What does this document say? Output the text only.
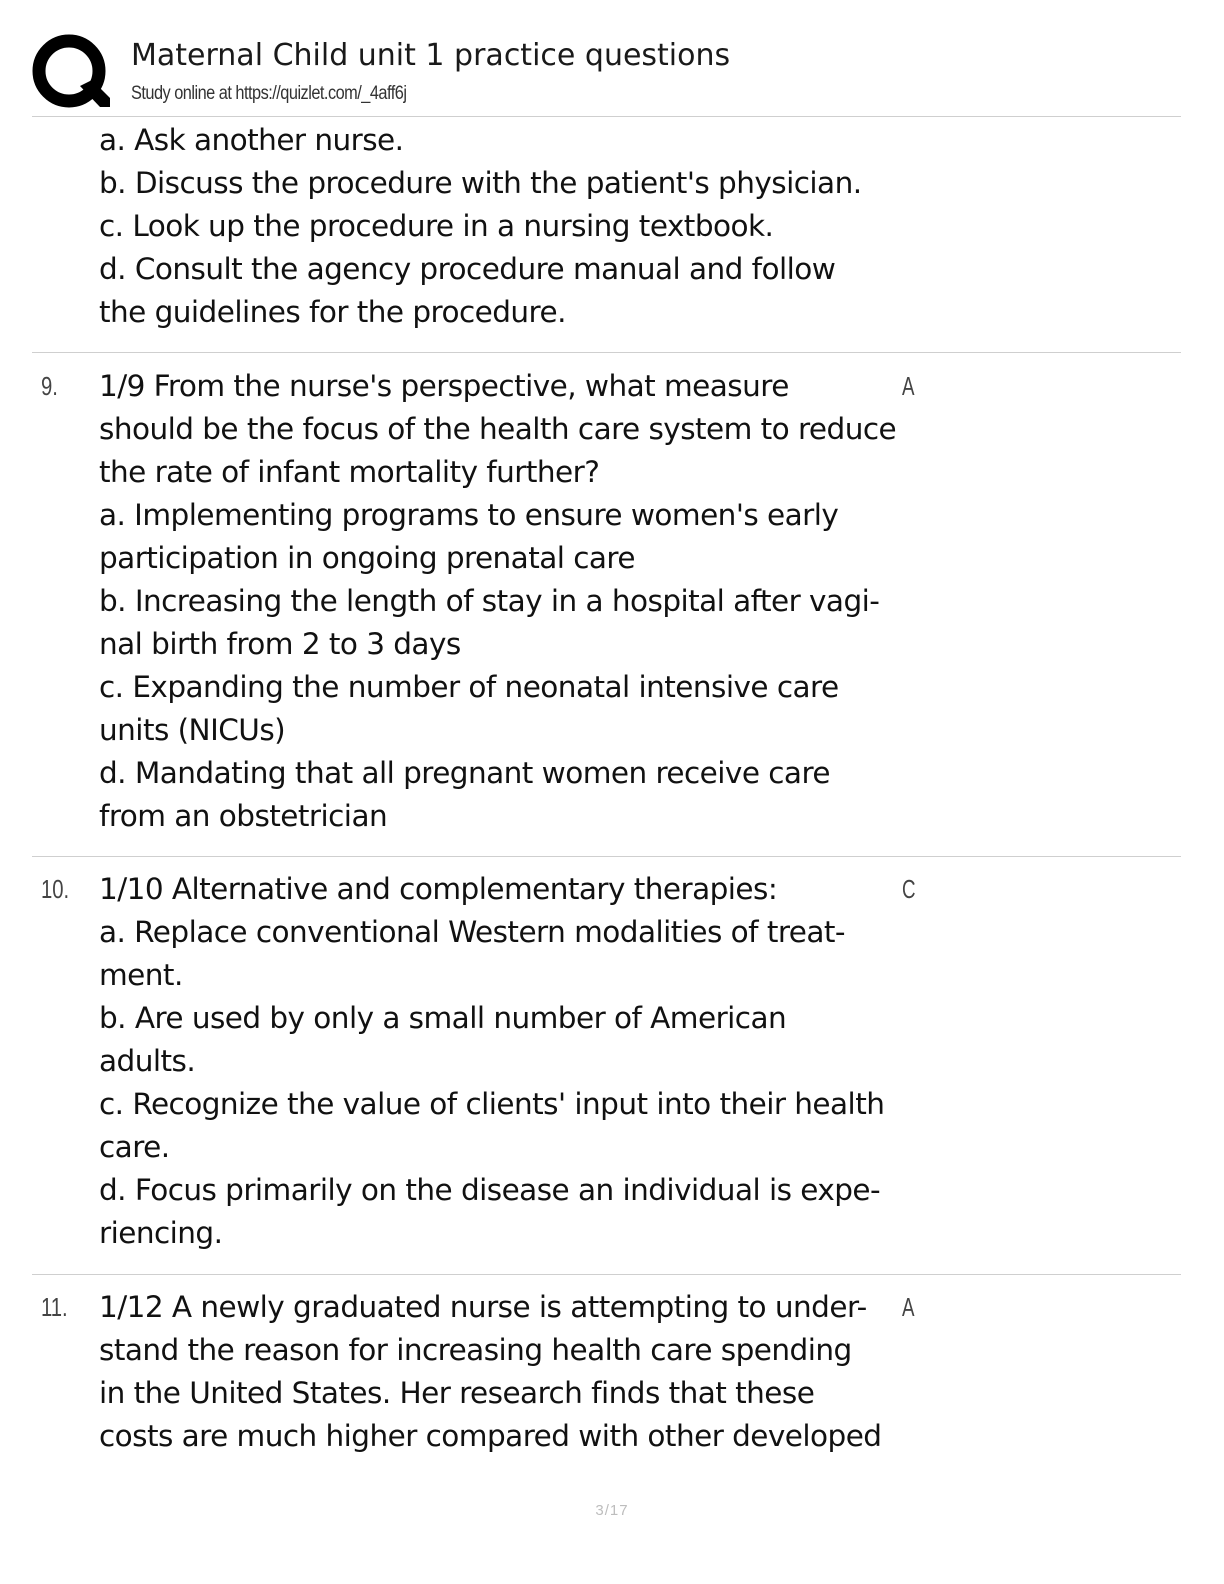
Maternal Child unit 1 practice questions
Study online at https://quizlet.com/_4aff6j
a. Ask another nurse.
b. Discuss the procedure with the patient's physician.
c. Look up the procedure in a nursing textbook.
d. Consult the agency procedure manual and follow
the guidelines for the procedure.
9. 1/9 From the nurse's perspective, what measure
should be the focus of the health care system to reduce
the rate of infant mortality further?
a. Implementing programs to ensure women's early
participation in ongoing prenatal care
b. Increasing the length of stay in a hospital after vagi-
nal birth from 2 to 3 days
c. Expanding the number of neonatal intensive care
units (NICUs)
d. Mandating that all pregnant women receive care
from an obstetrician
A
10. 1/10 Alternative and complementary therapies:
a. Replace conventional Western modalities of treat-
ment.
b. Are used by only a small number of American
adults.
c. Recognize the value of clients' input into their health
care.
d. Focus primarily on the disease an individual is expe-
riencing.
C
11. 1/12 A newly graduated nurse is attempting to under-
stand the reason for increasing health care spending
in the United States. Her research finds that these
costs are much higher compared with other developed
A
3/17
